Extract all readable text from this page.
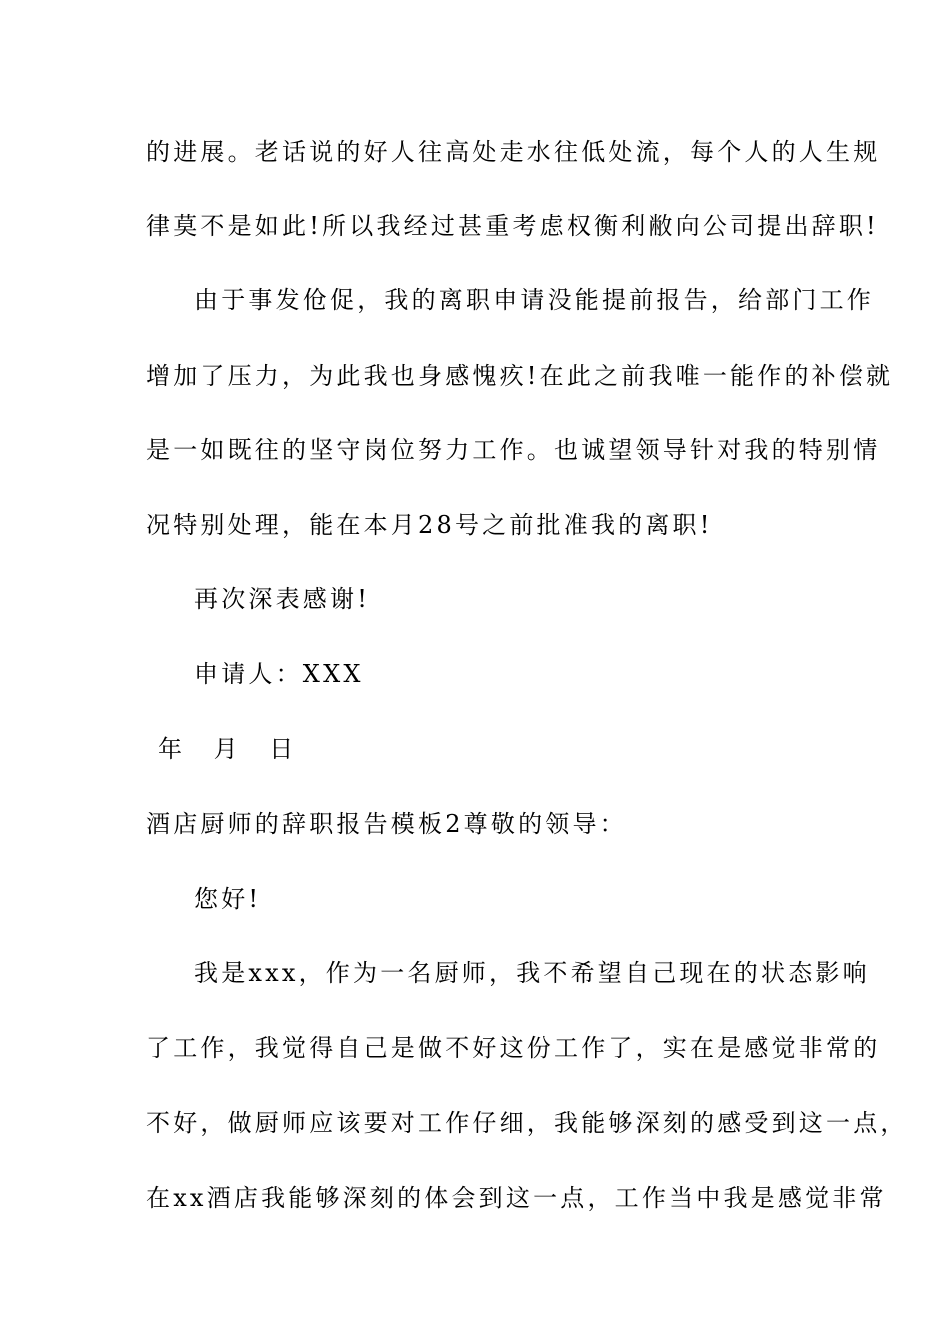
的进展。老话说的好人往高处走水往低处流，每个人的人生规
律莫不是如此!所以我经过甚重考虑权衡利敝向公司提出辞职!
由于事发伧促，我的离职申请没能提前报告，给部门工作
增加了压力，为此我也身感愧疚!在此之前我唯一能作的补偿就
是一如既往的坚守岗位努力工作。也诚望领导针对我的特别情
况特别处理，能在本月28号之前批准我的离职!
再次深表感谢!
申请人：XXX
年 月 日
酒店厨师的辞职报告模板2尊敬的领导：
您好!
我是xxx，作为一名厨师，我不希望自己现在的状态影响
了工作，我觉得自己是做不好这份工作了，实在是感觉非常的
不好，做厨师应该要对工作仔细，我能够深刻的感受到这一点，
在xx酒店我能够深刻的体会到这一点，工作当中我是感觉非常
